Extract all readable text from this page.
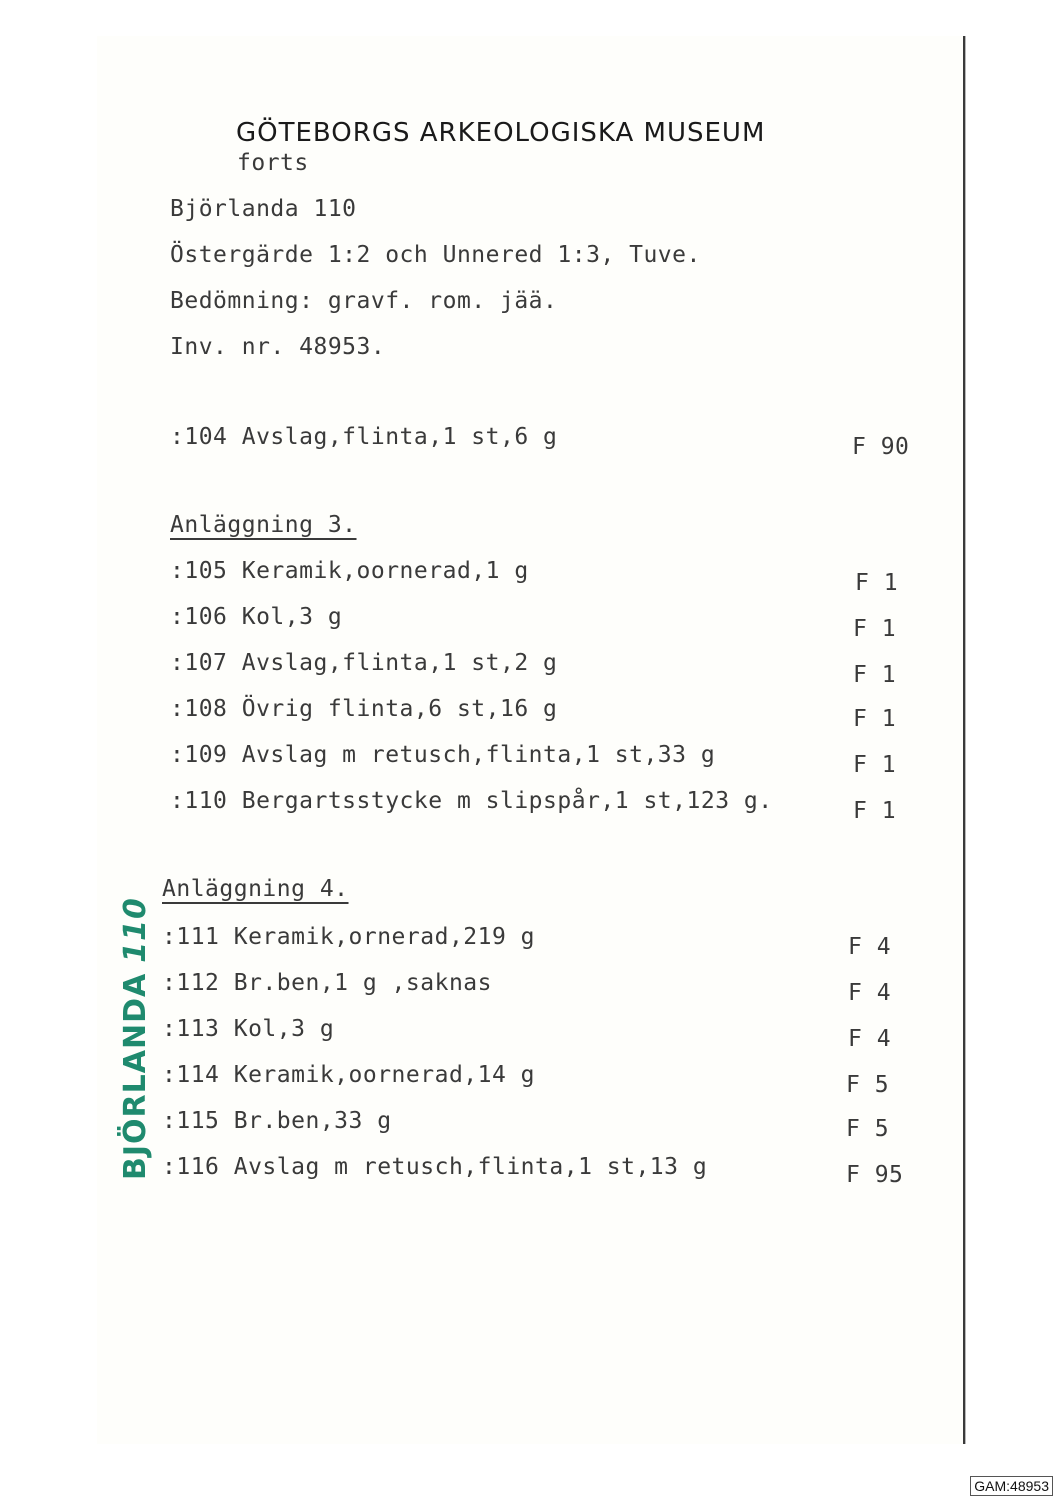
GÖTEBORGS ARKEOLOGISKA MUSEUM
forts
Björlanda 110
Östergärde 1:2 och Unnered 1:3, Tuve.
Bedömning: gravf. rom. jää.
Inv. nr. 48953.
:104 Avslag,flinta,1 st,6 g	F 90
Anläggning 3.
:105 Keramik,oornerad,1 g	F 1
:106 Kol,3 g	F 1
:107 Avslag,flinta,1 st,2 g	F 1
:108 Övrig flinta,6 st,16 g	F 1
:109 Avslag m retusch,flinta,1 st,33 g	F 1
:110 Bergartsstycke m slipspår,1 st,123 g.	F 1
Anläggning 4.
:111 Keramik,ornerad,219 g	F 4
:112 Br.ben,1 g ,saknas	F 4
:113 Kol,3 g	F 4
:114 Keramik,oornerad,14 g	F 5
:115 Br.ben,33 g	F 5
:116 Avslag m retusch,flinta,1 st,13 g	F 95
BJÖRLANDA110
GAM:48953
